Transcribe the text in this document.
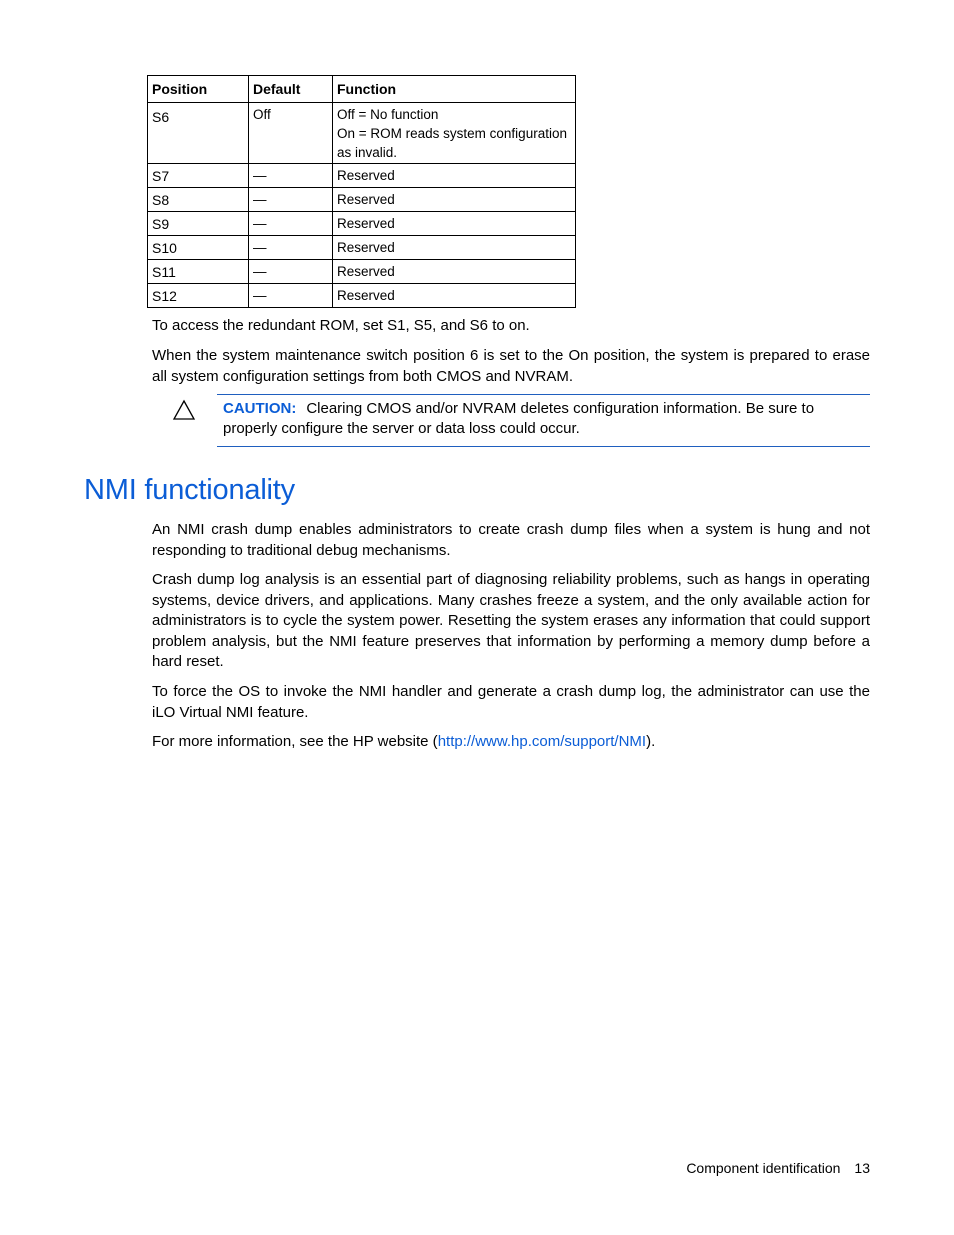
Position	Default	Function
S6	Off	Off = No function
On = ROM reads system configuration
as invalid.

S7	—	Reserved

S8	—	Reserved

S9	—	Reserved

S10	—	Reserved

S11	—	Reserved

S12	—	Reserved

To access the redundant ROM, set S1, S5, and S6 to on.

When the system maintenance switch position 6 is set to the On position, the system is prepared to erase all system configuration settings from both CMOS and NVRAM.

CAUTION: Clearing CMOS and/or NVRAM deletes configuration information. Be sure to properly configure the server or data loss could occur.

NMI functionality

An NMI crash dump enables administrators to create crash dump files when a system is hung and not responding to traditional debug mechanisms.

Crash dump log analysis is an essential part of diagnosing reliability problems, such as hangs in operating systems, device drivers, and applications. Many crashes freeze a system, and the only available action for administrators is to cycle the system power. Resetting the system erases any information that could support problem analysis, but the NMI feature preserves that information by performing a memory dump before a hard reset.

To force the OS to invoke the NMI handler and generate a crash dump log, the administrator can use the iLO Virtual NMI feature.

For more information, see the HP website (http://www.hp.com/support/NMI).

Component identification 13
